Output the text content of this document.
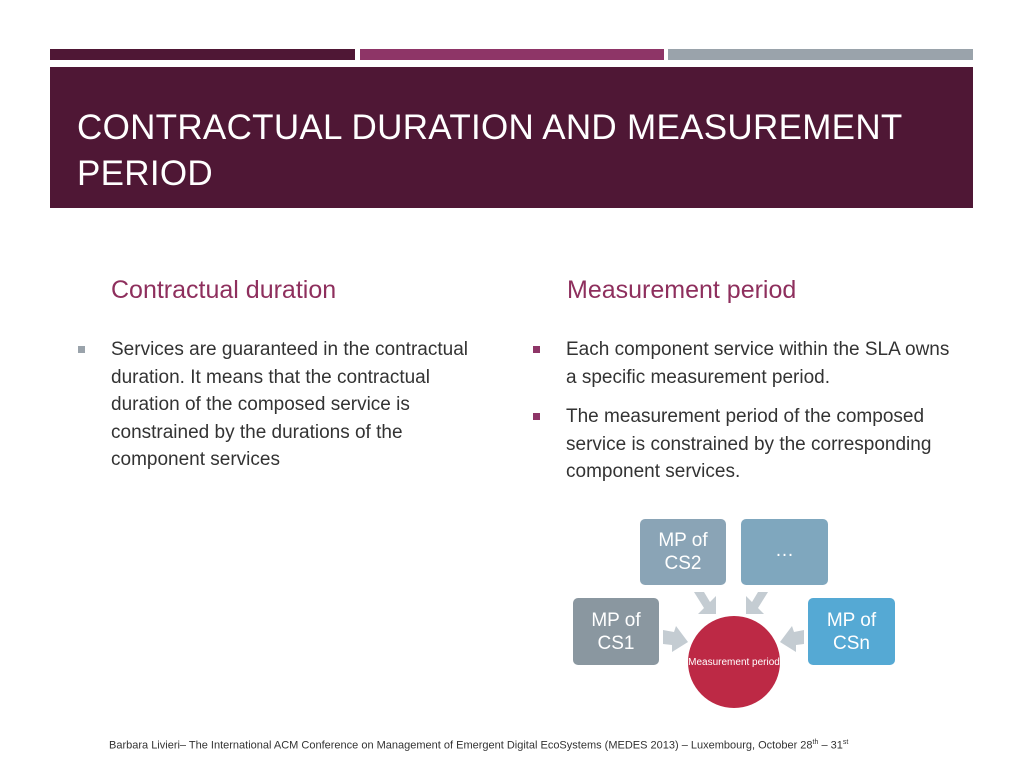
CONTRACTUAL DURATION AND MEASUREMENT PERIOD
Contractual duration	Measurement period
Services are guaranteed in the contractual duration. It means that the contractual duration of the composed service is constrained by the durations of the component services
Each component service within the SLA owns a specific measurement period.
The measurement period of the composed service is constrained by the corresponding component services.
MP of CS2
…
MP of CS1
MP of CSn
Measurement period
Barbara Livieri– The International ACM Conference on Management of Emergent Digital EcoSystems (MEDES 2013) – Luxembourg, October 28th – 31st
